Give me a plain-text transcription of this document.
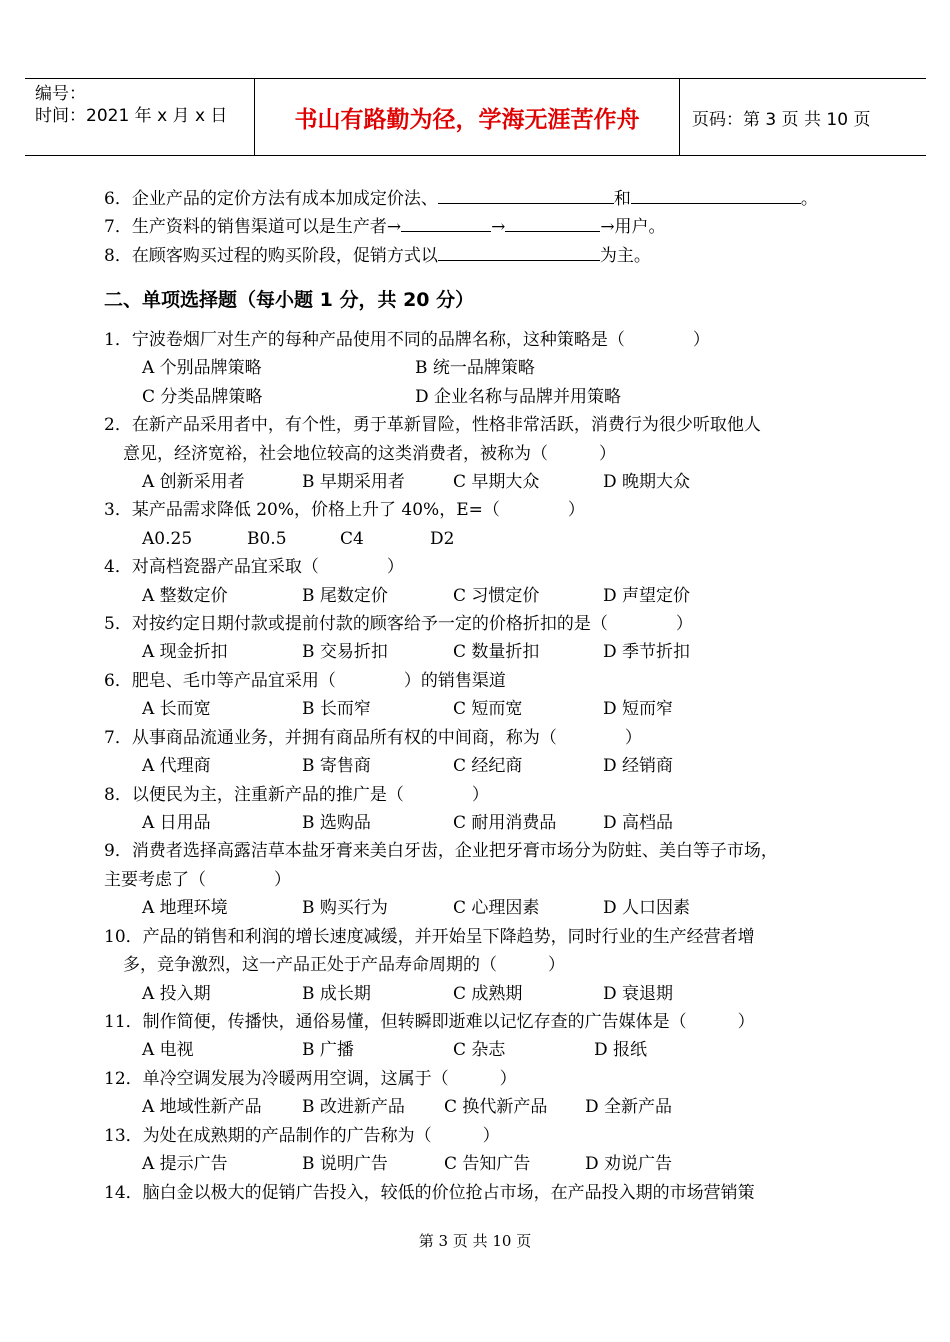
编号：
时间：2021 年 x 月 x 日	书山有路勤为径，学海无涯苦作舟	页码：第 3 页 共 10 页
6．企业产品的定价方法有成本加成定价法、	和	。
7．生产资料的销售渠道可以是生产者→	→	→用户。
8．在顾客购买过程的购买阶段，促销方式以	为主。
二、单项选择题（每小题 1 分，共 20 分）
1．宁波卷烟厂对生产的每种产品使用不同的品牌名称，这种策略是（　　　　）
A 个别品牌策略	B 统一品牌策略
C 分类品牌策略	D 企业名称与品牌并用策略
2．在新产品采用者中，有个性，勇于革新冒险，性格非常活跃，消费行为很少听取他人
意见，经济宽裕，社会地位较高的这类消费者，被称为（　　　）
A 创新采用者	B 早期采用者	C 早期大众	D 晚期大众
3．某产品需求降低 20%，价格上升了 40%，E=（　　　　）
A0.25	B0.5	C4	D2
4．对高档瓷器产品宜采取（　　　　）
A 整数定价	B 尾数定价	C 习惯定价	D 声望定价
5．对按约定日期付款或提前付款的顾客给予一定的价格折扣的是（　　　　）
A 现金折扣	B 交易折扣	C 数量折扣	D 季节折扣
6．肥皂、毛巾等产品宜采用（　　　　）的销售渠道
A 长而宽	B 长而窄	C 短而宽	D 短而窄
7．从事商品流通业务，并拥有商品所有权的中间商，称为（　　　　）
A 代理商	B 寄售商	C 经纪商	D 经销商
8．以便民为主，注重新产品的推广是（　　　　）
A 日用品	B 选购品	C 耐用消费品	D 高档品
9．消费者选择高露洁草本盐牙膏来美白牙齿，企业把牙膏市场分为防蛀、美白等子市场，
主要考虑了（　　　　）
A 地理环境	B 购买行为	C 心理因素	D 人口因素
10．产品的销售和利润的增长速度减缓，并开始呈下降趋势，同时行业的生产经营者增
多，竞争激烈，这一产品正处于产品寿命周期的（　　　）
A 投入期	B 成长期	C 成熟期	D 衰退期
11．制作简便，传播快，通俗易懂，但转瞬即逝难以记忆存查的广告媒体是（　　　）
A 电视	B 广播	C 杂志	D 报纸
12．单冷空调发展为冷暖两用空调，这属于（　　　）
A 地域性新产品 B 改进新产品 C 换代新产品 D 全新产品
13．为处在成熟期的产品制作的广告称为（　　　）
A 提示广告	B 说明广告	C 告知广告	D 劝说广告
14．脑白金以极大的促销广告投入，较低的价位抢占市场，在产品投入期的市场营销策
第 3 页 共 10 页
